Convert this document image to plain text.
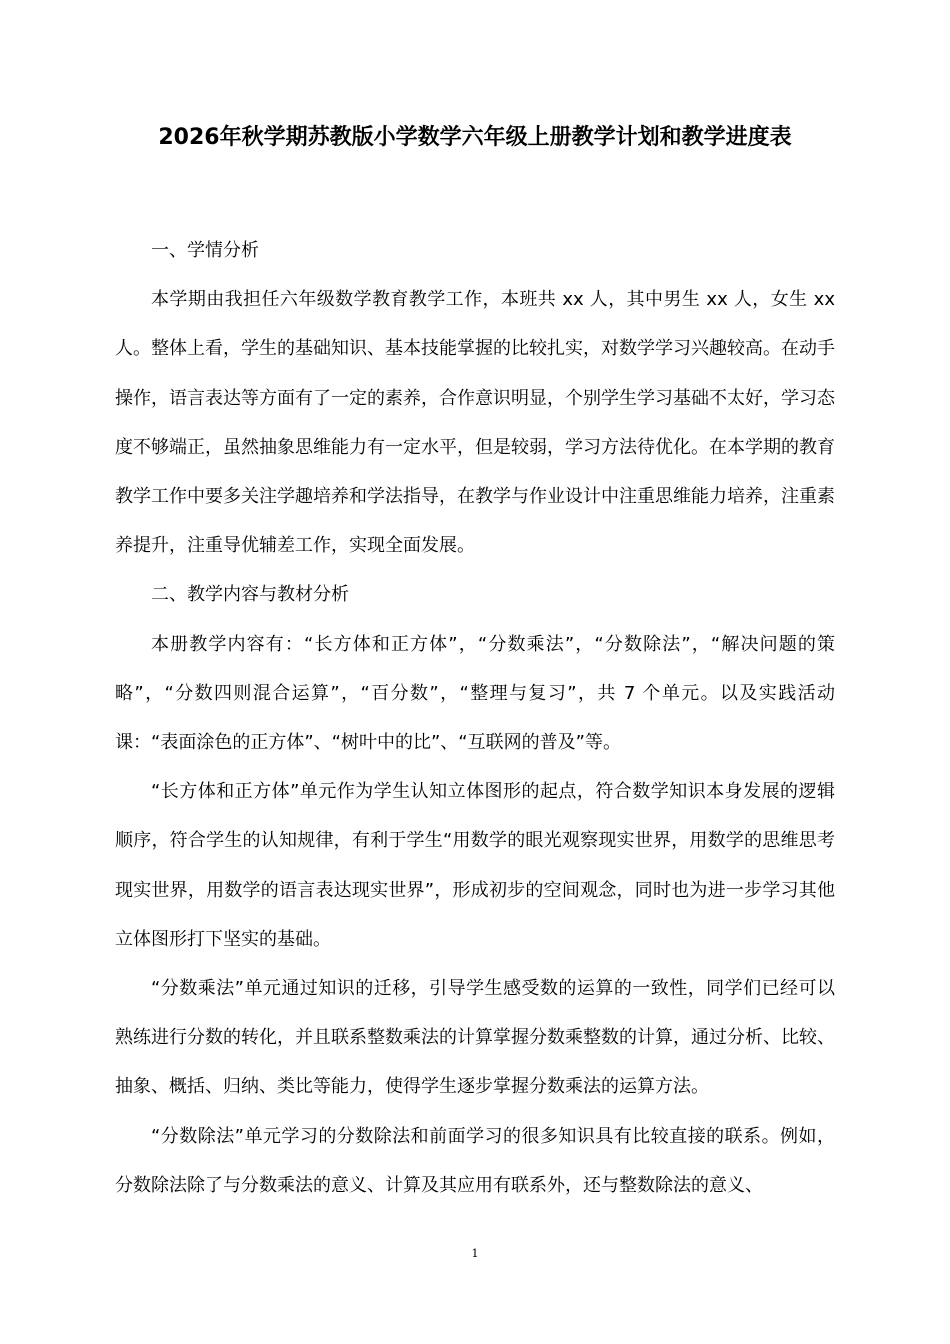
2026年秋学期苏教版小学数学六年级上册教学计划和教学进度表

一、学情分析

本学期由我担任六年级数学教育教学工作，本班共 xx 人，其中男生 xx 人，女生 xx 人。整体上看，学生的基础知识、基本技能掌握的比较扎实，对数学学习兴趣较高。在动手操作，语言表达等方面有了一定的素养，合作意识明显，个别学生学习基础不太好，学习态度不够端正，虽然抽象思维能力有一定水平，但是较弱，学习方法待优化。在本学期的教育教学工作中要多关注学趣培养和学法指导，在教学与作业设计中注重思维能力培养，注重素养提升，注重导优辅差工作，实现全面发展。

二、教学内容与教材分析

本册教学内容有：“长方体和正方体”，“分数乘法”，“分数除法”，“解决问题的策略”，“分数四则混合运算”，“百分数”，“整理与复习”，共 7 个单元。以及实践活动课：“表面涂色的正方体”、“树叶中的比”、“互联网的普及”等。

“长方体和正方体”单元作为学生认知立体图形的起点，符合数学知识本身发展的逻辑顺序，符合学生的认知规律，有利于学生“用数学的眼光观察现实世界，用数学的思维思考现实世界，用数学的语言表达现实世界”，形成初步的空间观念，同时也为进一步学习其他立体图形打下坚实的基础。

“分数乘法”单元通过知识的迁移，引导学生感受数的运算的一致性，同学们已经可以熟练进行分数的转化，并且联系整数乘法的计算掌握分数乘整数的计算，通过分析、比较、抽象、概括、归纳、类比等能力，使得学生逐步掌握分数乘法的运算方法。

“分数除法”单元学习的分数除法和前面学习的很多知识具有比较直接的联系。例如，分数除法除了与分数乘法的意义、计算及其应用有联系外，还与整数除法的意义、

1
